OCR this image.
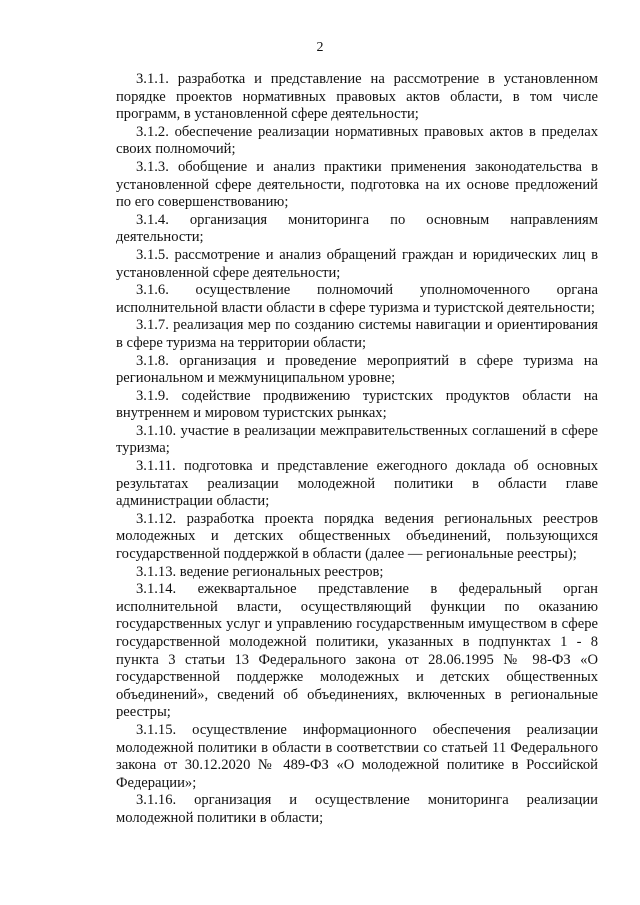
2

3.1.1. разработка и представление на рассмотрение в установленном порядке проектов нормативных правовых актов области, в том числе программ, в установленной сфере деятельности;

3.1.2. обеспечение реализации нормативных правовых актов в пределах своих полномочий;

3.1.3. обобщение и анализ практики применения законодательства в установленной сфере деятельности, подготовка на их основе предложений по его совершенствованию;

3.1.4. организация мониторинга по основным направлениям деятельности;

3.1.5. рассмотрение и анализ обращений граждан и юридических лиц в установленной сфере деятельности;

3.1.6. осуществление полномочий уполномоченного органа исполнительной власти области в сфере туризма и туристской деятельности;

3.1.7. реализация мер по созданию системы навигации и ориентирования в сфере туризма на территории области;

3.1.8. организация и проведение мероприятий в сфере туризма на региональном и межмуниципальном уровне;

3.1.9. содействие продвижению туристских продуктов области на внутреннем и мировом туристских рынках;

3.1.10. участие в реализации межправительственных соглашений в сфере туризма;

3.1.11. подготовка и представление ежегодного доклада об основных результатах реализации молодежной политики в области главе администрации области;

3.1.12. разработка проекта порядка ведения региональных реестров молодежных и детских общественных объединений, пользующихся государственной поддержкой в области (далее — региональные реестры);

3.1.13. ведение региональных реестров;

3.1.14. ежеквартальное представление в федеральный орган исполнительной власти, осуществляющий функции по оказанию государственных услуг и управлению государственным имуществом в сфере государственной молодежной политики, указанных в подпунктах 1 - 8 пункта 3 статьи 13 Федерального закона от 28.06.1995 № 98-ФЗ «О государственной поддержке молодежных и детских общественных объединений», сведений об объединениях, включенных в региональные реестры;

3.1.15. осуществление информационного обеспечения реализации молодежной политики в области в соответствии со статьей 11 Федерального закона от 30.12.2020 № 489-ФЗ «О молодежной политике в Российской Федерации»;

3.1.16. организация и осуществление мониторинга реализации молодежной политики в области;
